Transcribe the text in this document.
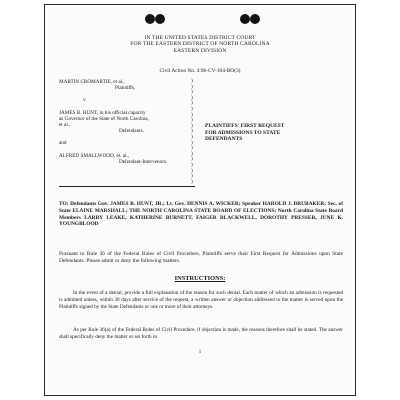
IN THE UNITED STATES DISTRICT COURT
FOR THE EASTERN DISTRICT OF NORTH CAROLINA
EASTERN DIVISION
Civil Action No. 4:96-CV-104-BO(3)
MARTIN CROMARTIE, et al.,
Plaintiffs,
v.
JAMES B. HUNT, in his official capacity
as Governor of the State of North Carolina,
et al.,
Defendants.
and
ALFRED SMALLWOOD, et. al.,
Defendant-Intervenors.
)
)
)
)
)
)
)
)
)
)
)
)
)
)
)
)
)
)
)
PLAINTIFFS' FIRST REQUEST
FOR ADMISSIONS TO STATE
DEFENDANTS
TO: Defendants Gov. JAMES B. HUNT, JR.; Lt. Gov. DENNIS A. WICKER; Speaker HAROLD J. BRUBAKER; Sec. of State ELAINE MARSHALL; THE NORTH CAROLINA STATE BOARD OF ELECTIONS; North Carolina State Board Members LARRY LEAKE, KATHERINE BURNETT, FAIGER BLACKWELL, DOROTHY PRESSER, JUNE K. YOUNGBLOOD
Pursuant to Rule 36 of the Federal Rules of Civil Procedure, Plaintiffs serve their First Request for Admissions upon State Defendants. Please admit or deny the following matters.
INSTRUCTIONS:
In the event of a denial, provide a full explanation of the reason for such denial. Each matter of which an admission is requested is admitted unless, within 30 days after service of the request, a written answer or objection addressed to the matter is served upon the Plaintiffs signed by the State Defendants or one or more of their attorneys.
As per Rule 36(a) of the Federal Rules of Civil Procedure, if objection is made, the reasons therefore shall be stated. The answer shall specifically deny the matter or set forth in
1
